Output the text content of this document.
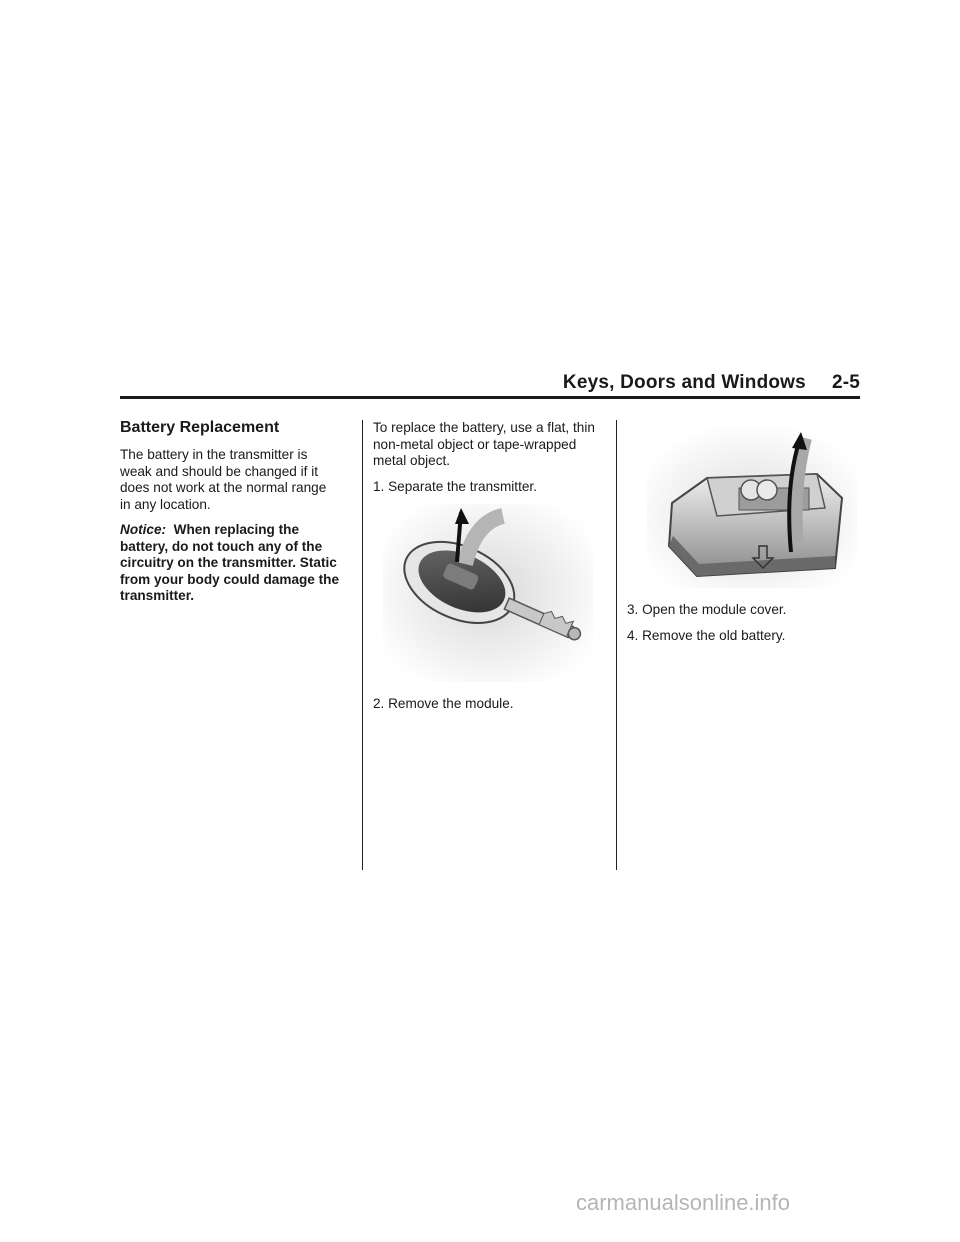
Keys, Doors and Windows 2-5
Battery Replacement

The battery in the transmitter is weak and should be changed if it does not work at the normal range in any location.

Notice: When replacing the battery, do not touch any of the circuitry on the transmitter. Static from your body could damage the transmitter.

To replace the battery, use a flat, thin non-metal object or tape-wrapped metal object.

1. Separate the transmitter.

2. Remove the module.

3. Open the module cover.

4. Remove the old battery.

carmanualsonline.info
